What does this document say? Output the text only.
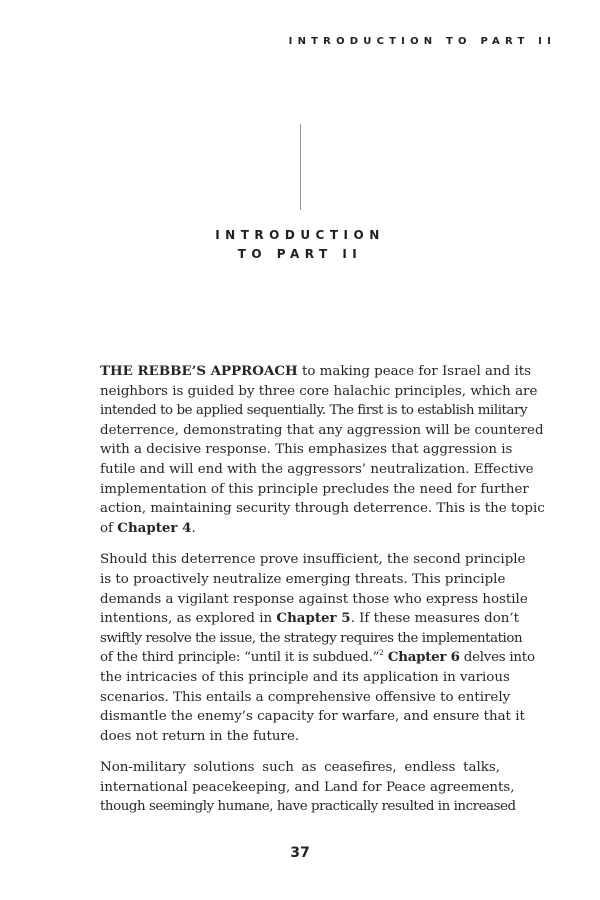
INTRODUCTION TO PART II
INTRODUCTION
TO PART II
THE REBBE’S APPROACH to making peace for Israel and its
neighbors is guided by three core halachic principles, which are
intended to be applied sequentially. The first is to establish military
deterrence, demonstrating that any aggression will be countered
with a decisive response. This emphasizes that aggression is
futile and will end with the aggressors’ neutralization. Effective
implementation of this principle precludes the need for further
action, maintaining security through deterrence. This is the topic
of Chapter 4.
Should this deterrence prove insufficient, the second principle
is to proactively neutralize emerging threats. This principle
demands a vigilant response against those who express hostile
intentions, as explored in Chapter 5. If these measures don’t
swiftly resolve the issue, the strategy requires the implementation
of the third principle: “until it is subdued.”$^2$ Chapter 6 delves into
the intricacies of this principle and its application in various
scenarios. This entails a comprehensive offensive to entirely
dismantle the enemy’s capacity for warfare, and ensure that it
does not return in the future.
Non-military solutions such as ceasefires, endless talks,
international peacekeeping, and Land for Peace agreements,
though seemingly humane, have practically resulted in increased
37
